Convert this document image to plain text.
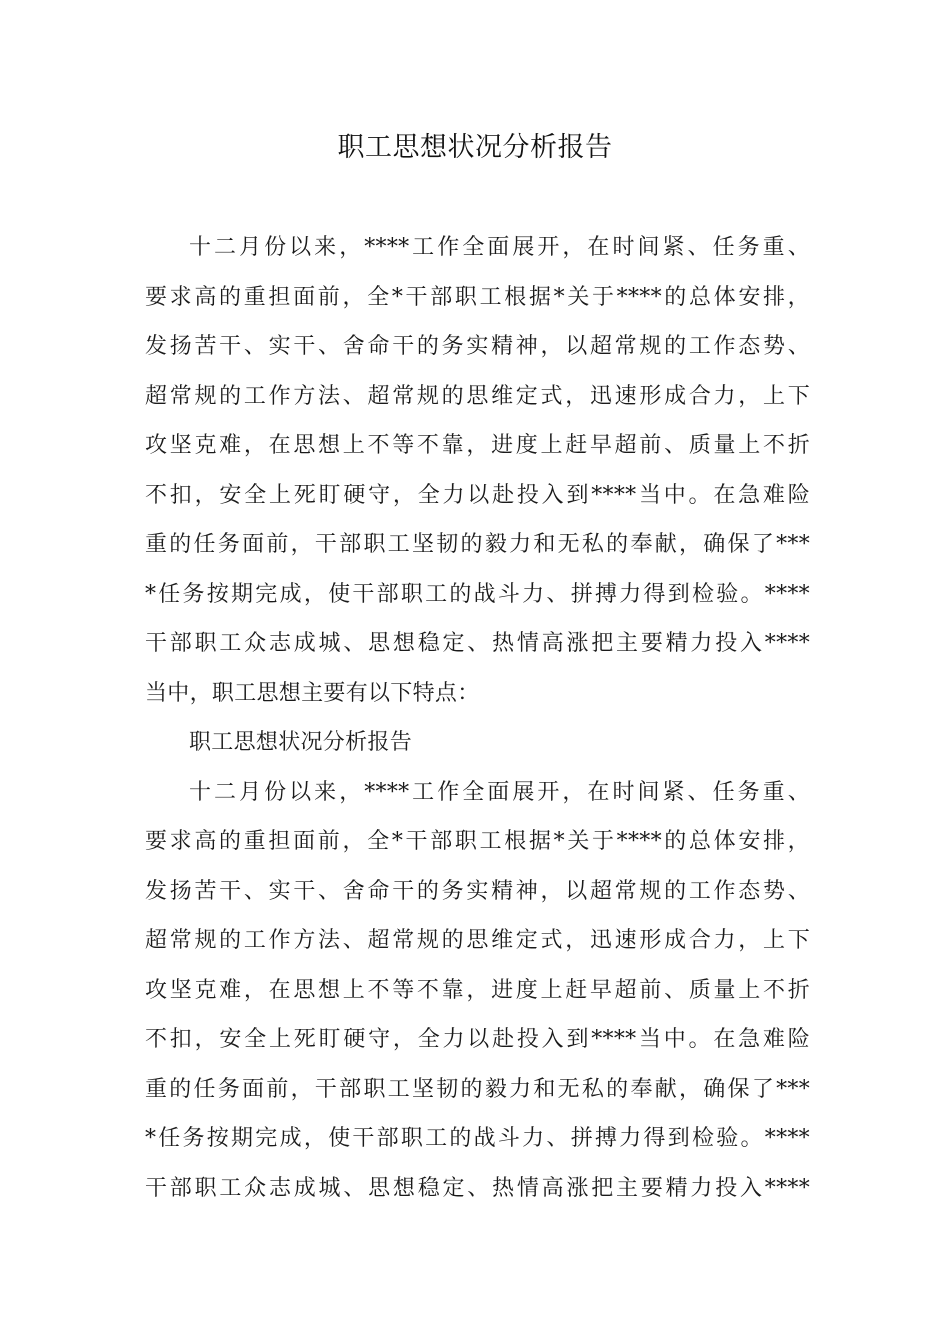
职工思想状况分析报告
十二月份以来，****工作全面展开，在时间紧、任务重、
要求高的重担面前，全*干部职工根据*关于****的总体安排，
发扬苦干、实干、舍命干的务实精神，以超常规的工作态势、
超常规的工作方法、超常规的思维定式，迅速形成合力，上下
攻坚克难，在思想上不等不靠，进度上赶早超前、质量上不折
不扣，安全上死盯硬守，全力以赴投入到****当中。在急难险
重的任务面前，干部职工坚韧的毅力和无私的奉献，确保了***
*任务按期完成，使干部职工的战斗力、拼搏力得到检验。****
干部职工众志成城、思想稳定、热情高涨把主要精力投入****
当中，职工思想主要有以下特点：
职工思想状况分析报告
十二月份以来，****工作全面展开，在时间紧、任务重、
要求高的重担面前，全*干部职工根据*关于****的总体安排，
发扬苦干、实干、舍命干的务实精神，以超常规的工作态势、
超常规的工作方法、超常规的思维定式，迅速形成合力，上下
攻坚克难，在思想上不等不靠，进度上赶早超前、质量上不折
不扣，安全上死盯硬守，全力以赴投入到****当中。在急难险
重的任务面前，干部职工坚韧的毅力和无私的奉献，确保了***
*任务按期完成，使干部职工的战斗力、拼搏力得到检验。****
干部职工众志成城、思想稳定、热情高涨把主要精力投入****
